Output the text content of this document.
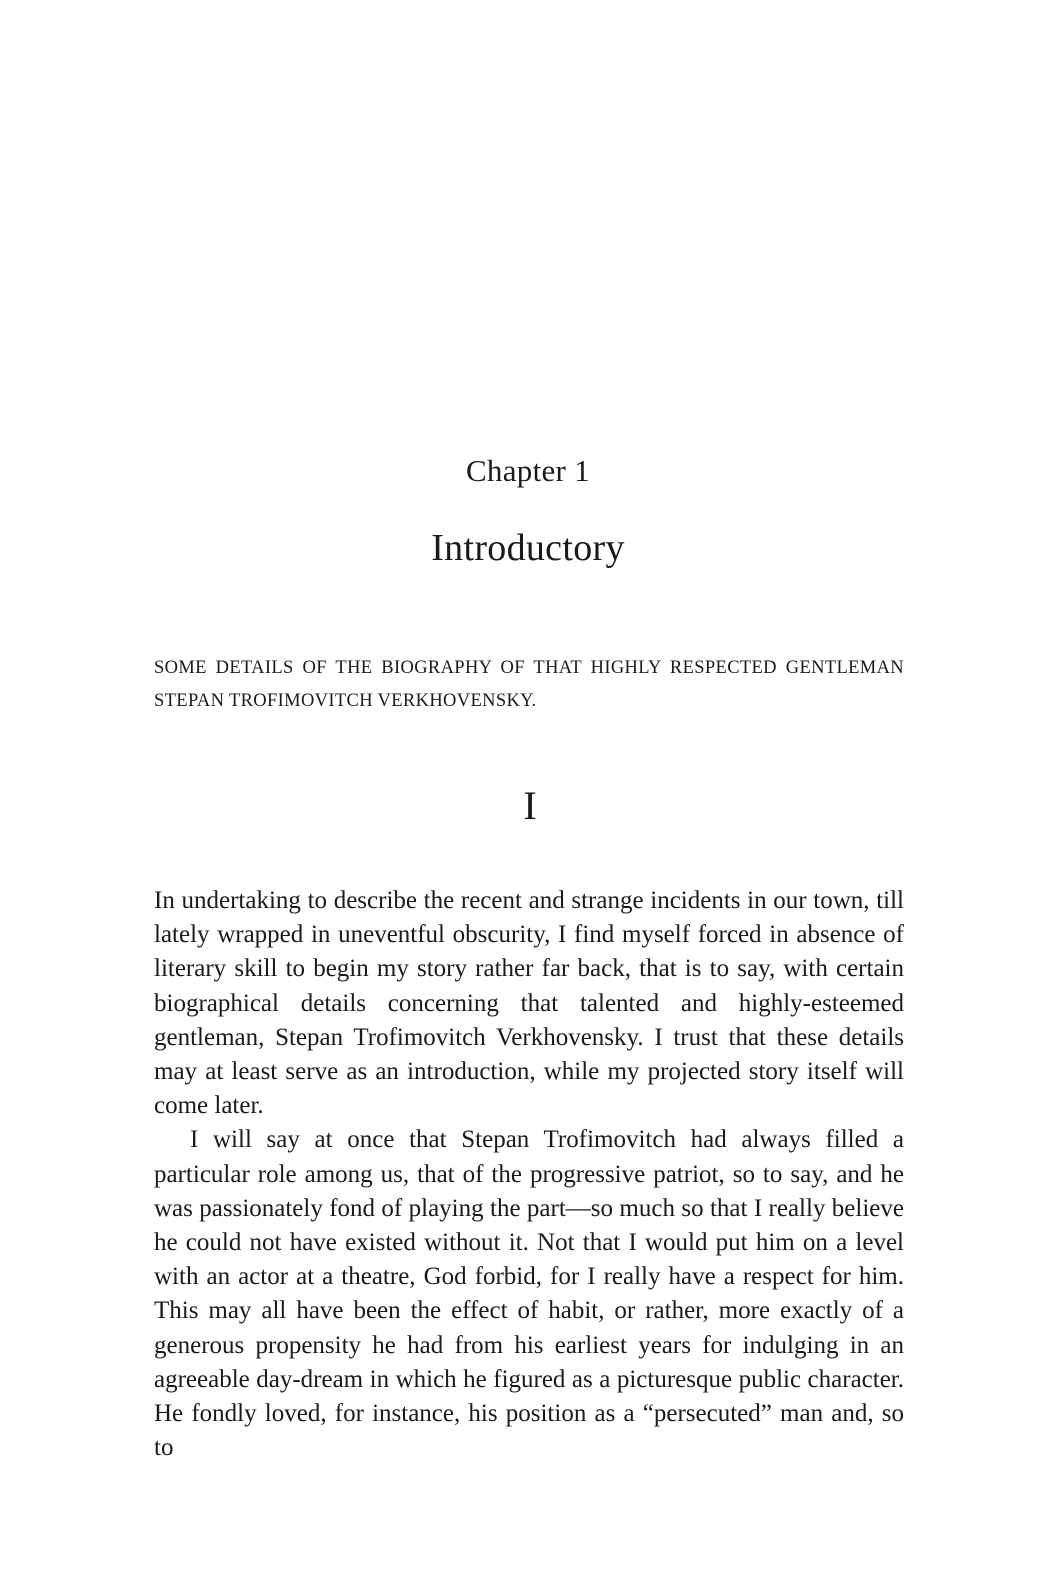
Chapter 1
Introductory
SOME DETAILS OF THE BIOGRAPHY OF THAT HIGHLY RESPECTED GENTLEMAN STEPAN TROFIMOVITCH VERKHOVENSKY.
I

In undertaking to describe the recent and strange incidents in our town, till lately wrapped in uneventful obscurity, I find myself forced in absence of literary skill to begin my story rather far back, that is to say, with certain biographical details concerning that talented and highly-esteemed gentleman, Stepan Trofimovitch Verkhovensky. I trust that these details may at least serve as an introduction, while my projected story itself will come later.

I will say at once that Stepan Trofimovitch had always filled a particular role among us, that of the progressive patriot, so to say, and he was passionately fond of playing the part—so much so that I really believe he could not have existed without it. Not that I would put him on a level with an actor at a theatre, God forbid, for I really have a respect for him. This may all have been the effect of habit, or rather, more exactly of a generous propensity he had from his earliest years for indulging in an agreeable day-dream in which he figured as a picturesque public character. He fondly loved, for instance, his position as a “persecuted” man and, so to
